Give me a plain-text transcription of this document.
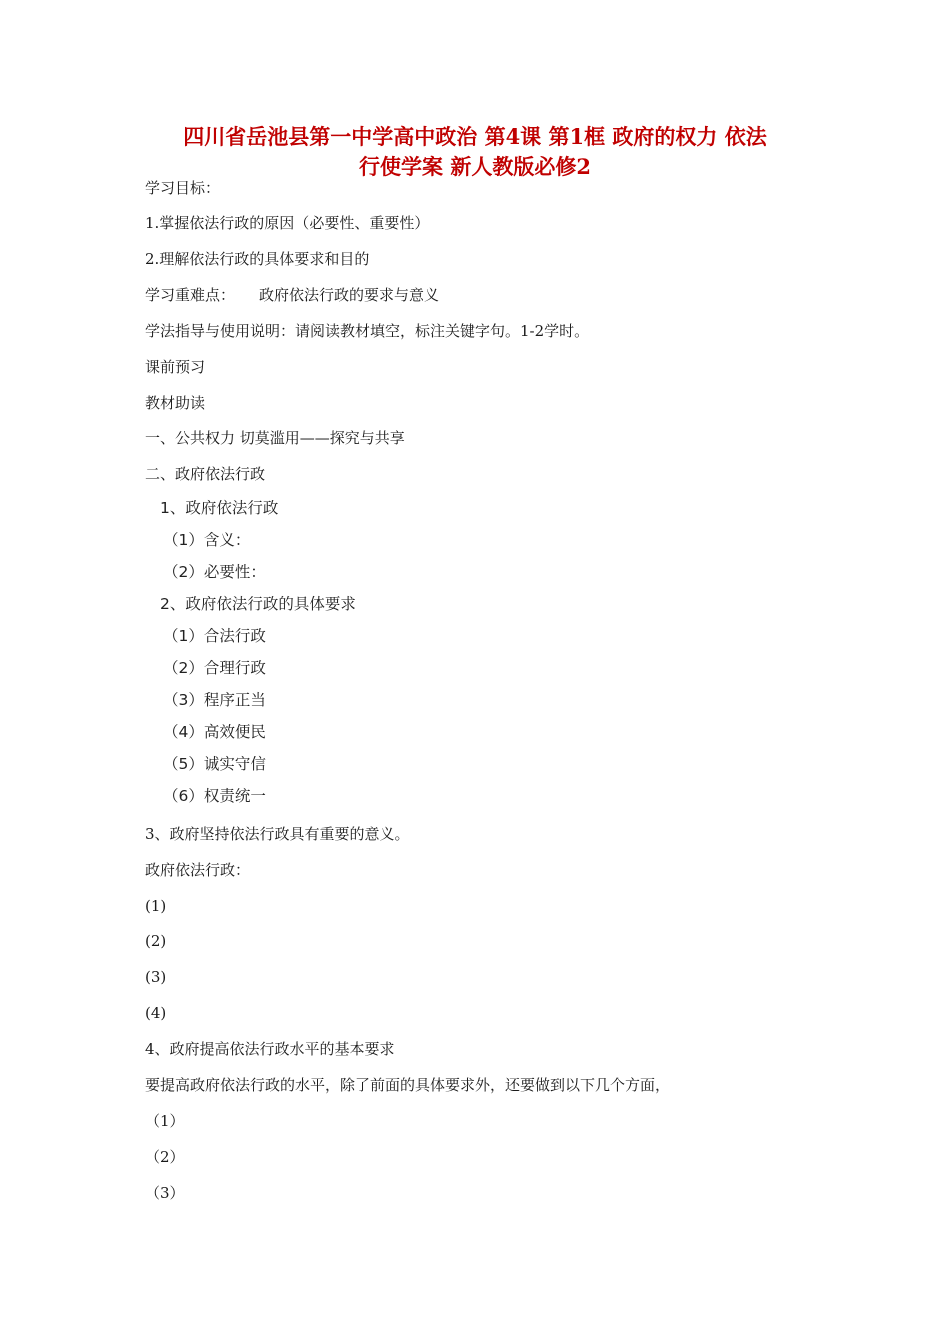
四川省岳池县第一中学高中政治 第4课 第1框 政府的权力 依法
行使学案 新人教版必修2
学习目标：
1.掌握依法行政的原因（必要性、重要性）
2.理解依法行政的具体要求和目的
学习重难点： 政府依法行政的要求与意义
学法指导与使用说明：请阅读教材填空，标注关键字句。1-2学时。
课前预习
教材助读
一、公共权力 切莫滥用——探究与共享
二、政府依法行政
1、政府依法行政
（1）含义：
（2）必要性：
2、政府依法行政的具体要求
（1）合法行政
（2）合理行政
（3）程序正当
（4）高效便民
（5）诚实守信
（6）权责统一
3、政府坚持依法行政具有重要的意义。
政府依法行政：
(1)
(2)
(3)
(4)
4、政府提高依法行政水平的基本要求
要提高政府依法行政的水平，除了前面的具体要求外，还要做到以下几个方面，
（1）
（2）
（3）
